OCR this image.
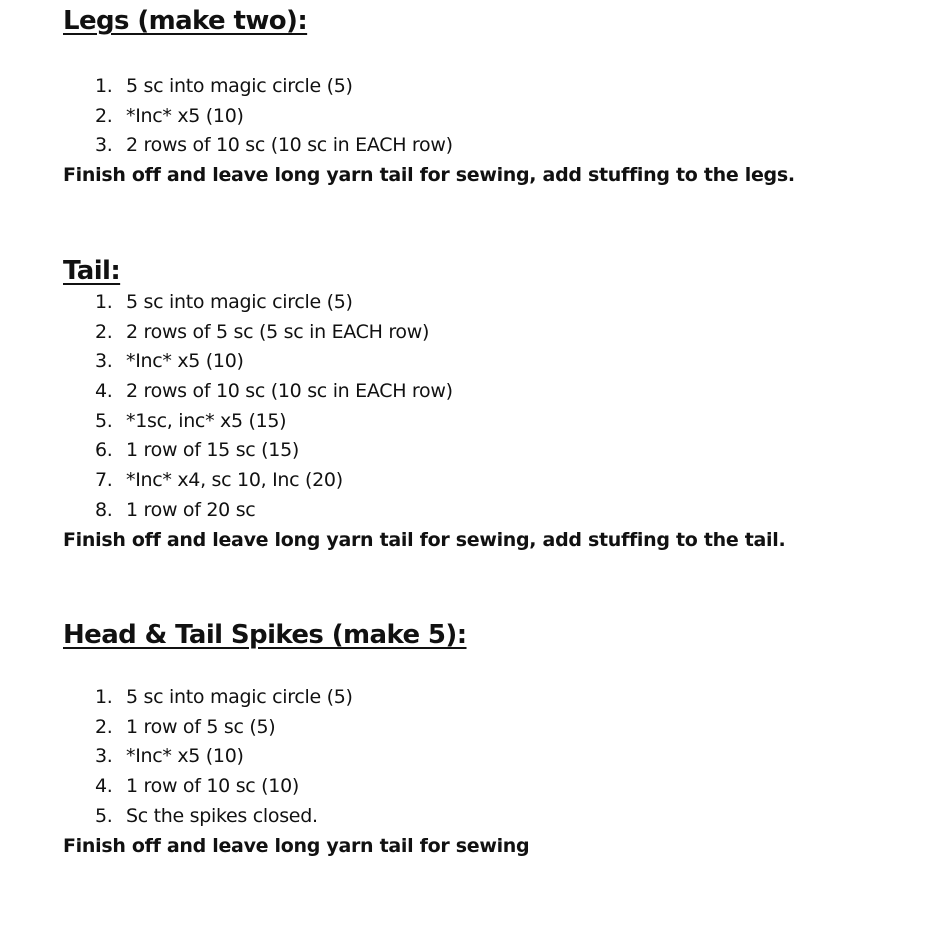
Legs (make two):
1. 5 sc into magic circle (5)
2. *Inc* x5 (10)
3. 2 rows of 10 sc (10 sc in EACH row)

Finish off and leave long yarn tail for sewing, add stuffing to the legs.

Tail:
1. 5 sc into magic circle (5)
2. 2 rows of 5 sc (5 sc in EACH row)
3. *Inc* x5 (10)
4. 2 rows of 10 sc (10 sc in EACH row)
5. *1sc, inc* x5 (15)
6. 1 row of 15 sc (15)
7. *Inc* x4, sc 10, Inc (20)
8. 1 row of 20 sc

Finish off and leave long yarn tail for sewing, add stuffing to the tail.

Head & Tail Spikes (make 5):
1. 5 sc into magic circle (5)
2. 1 row of 5 sc (5)
3. *Inc* x5 (10)
4. 1 row of 10 sc (10)
5. Sc the spikes closed.

Finish off and leave long yarn tail for sewing
